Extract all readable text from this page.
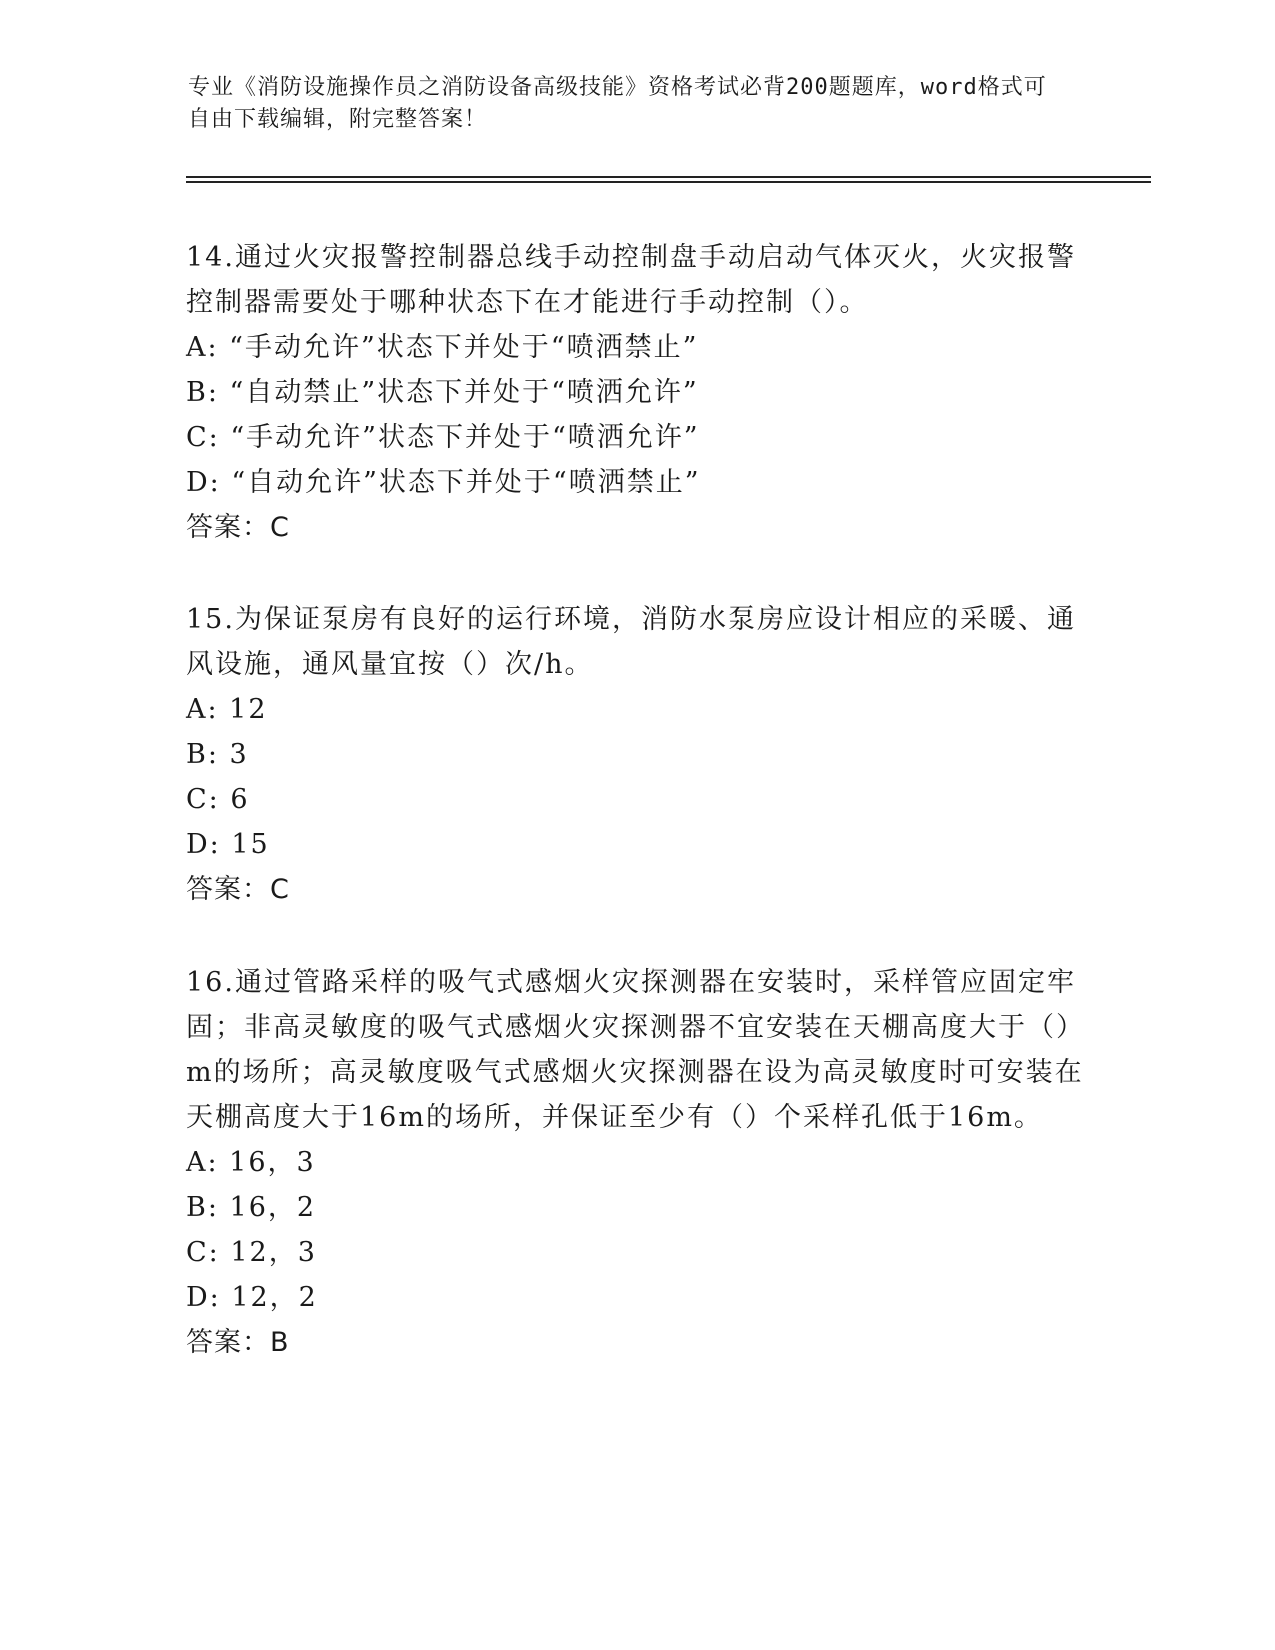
专业《消防设施操作员之消防设备高级技能》资格考试必背200题题库，word格式可自由下载编辑，附完整答案！

14.通过火灾报警控制器总线手动控制盘手动启动气体灭火，火灾报警控制器需要处于哪种状态下在才能进行手动控制（）。

A: “手动允许”状态下并处于“喷洒禁止”

B: “自动禁止”状态下并处于“喷洒允许”

C: “手动允许”状态下并处于“喷洒允许”

D: “自动允许”状态下并处于“喷洒禁止”

答案：C

15.为保证泵房有良好的运行环境，消防水泵房应设计相应的采暖、通风设施，通风量宜按（）次/h。

A: 12

B: 3

C: 6

D: 15

答案：C

16.通过管路采样的吸气式感烟火灾探测器在安装时，采样管应固定牢固；非高灵敏度的吸气式感烟火灾探测器不宜安装在天棚高度大于（）m的场所；高灵敏度吸气式感烟火灾探测器在设为高灵敏度时可安装在天棚高度大于16m的场所，并保证至少有（）个采样孔低于16m。

A: 16，3

B: 16，2

C: 12，3

D: 12，2

答案：B
